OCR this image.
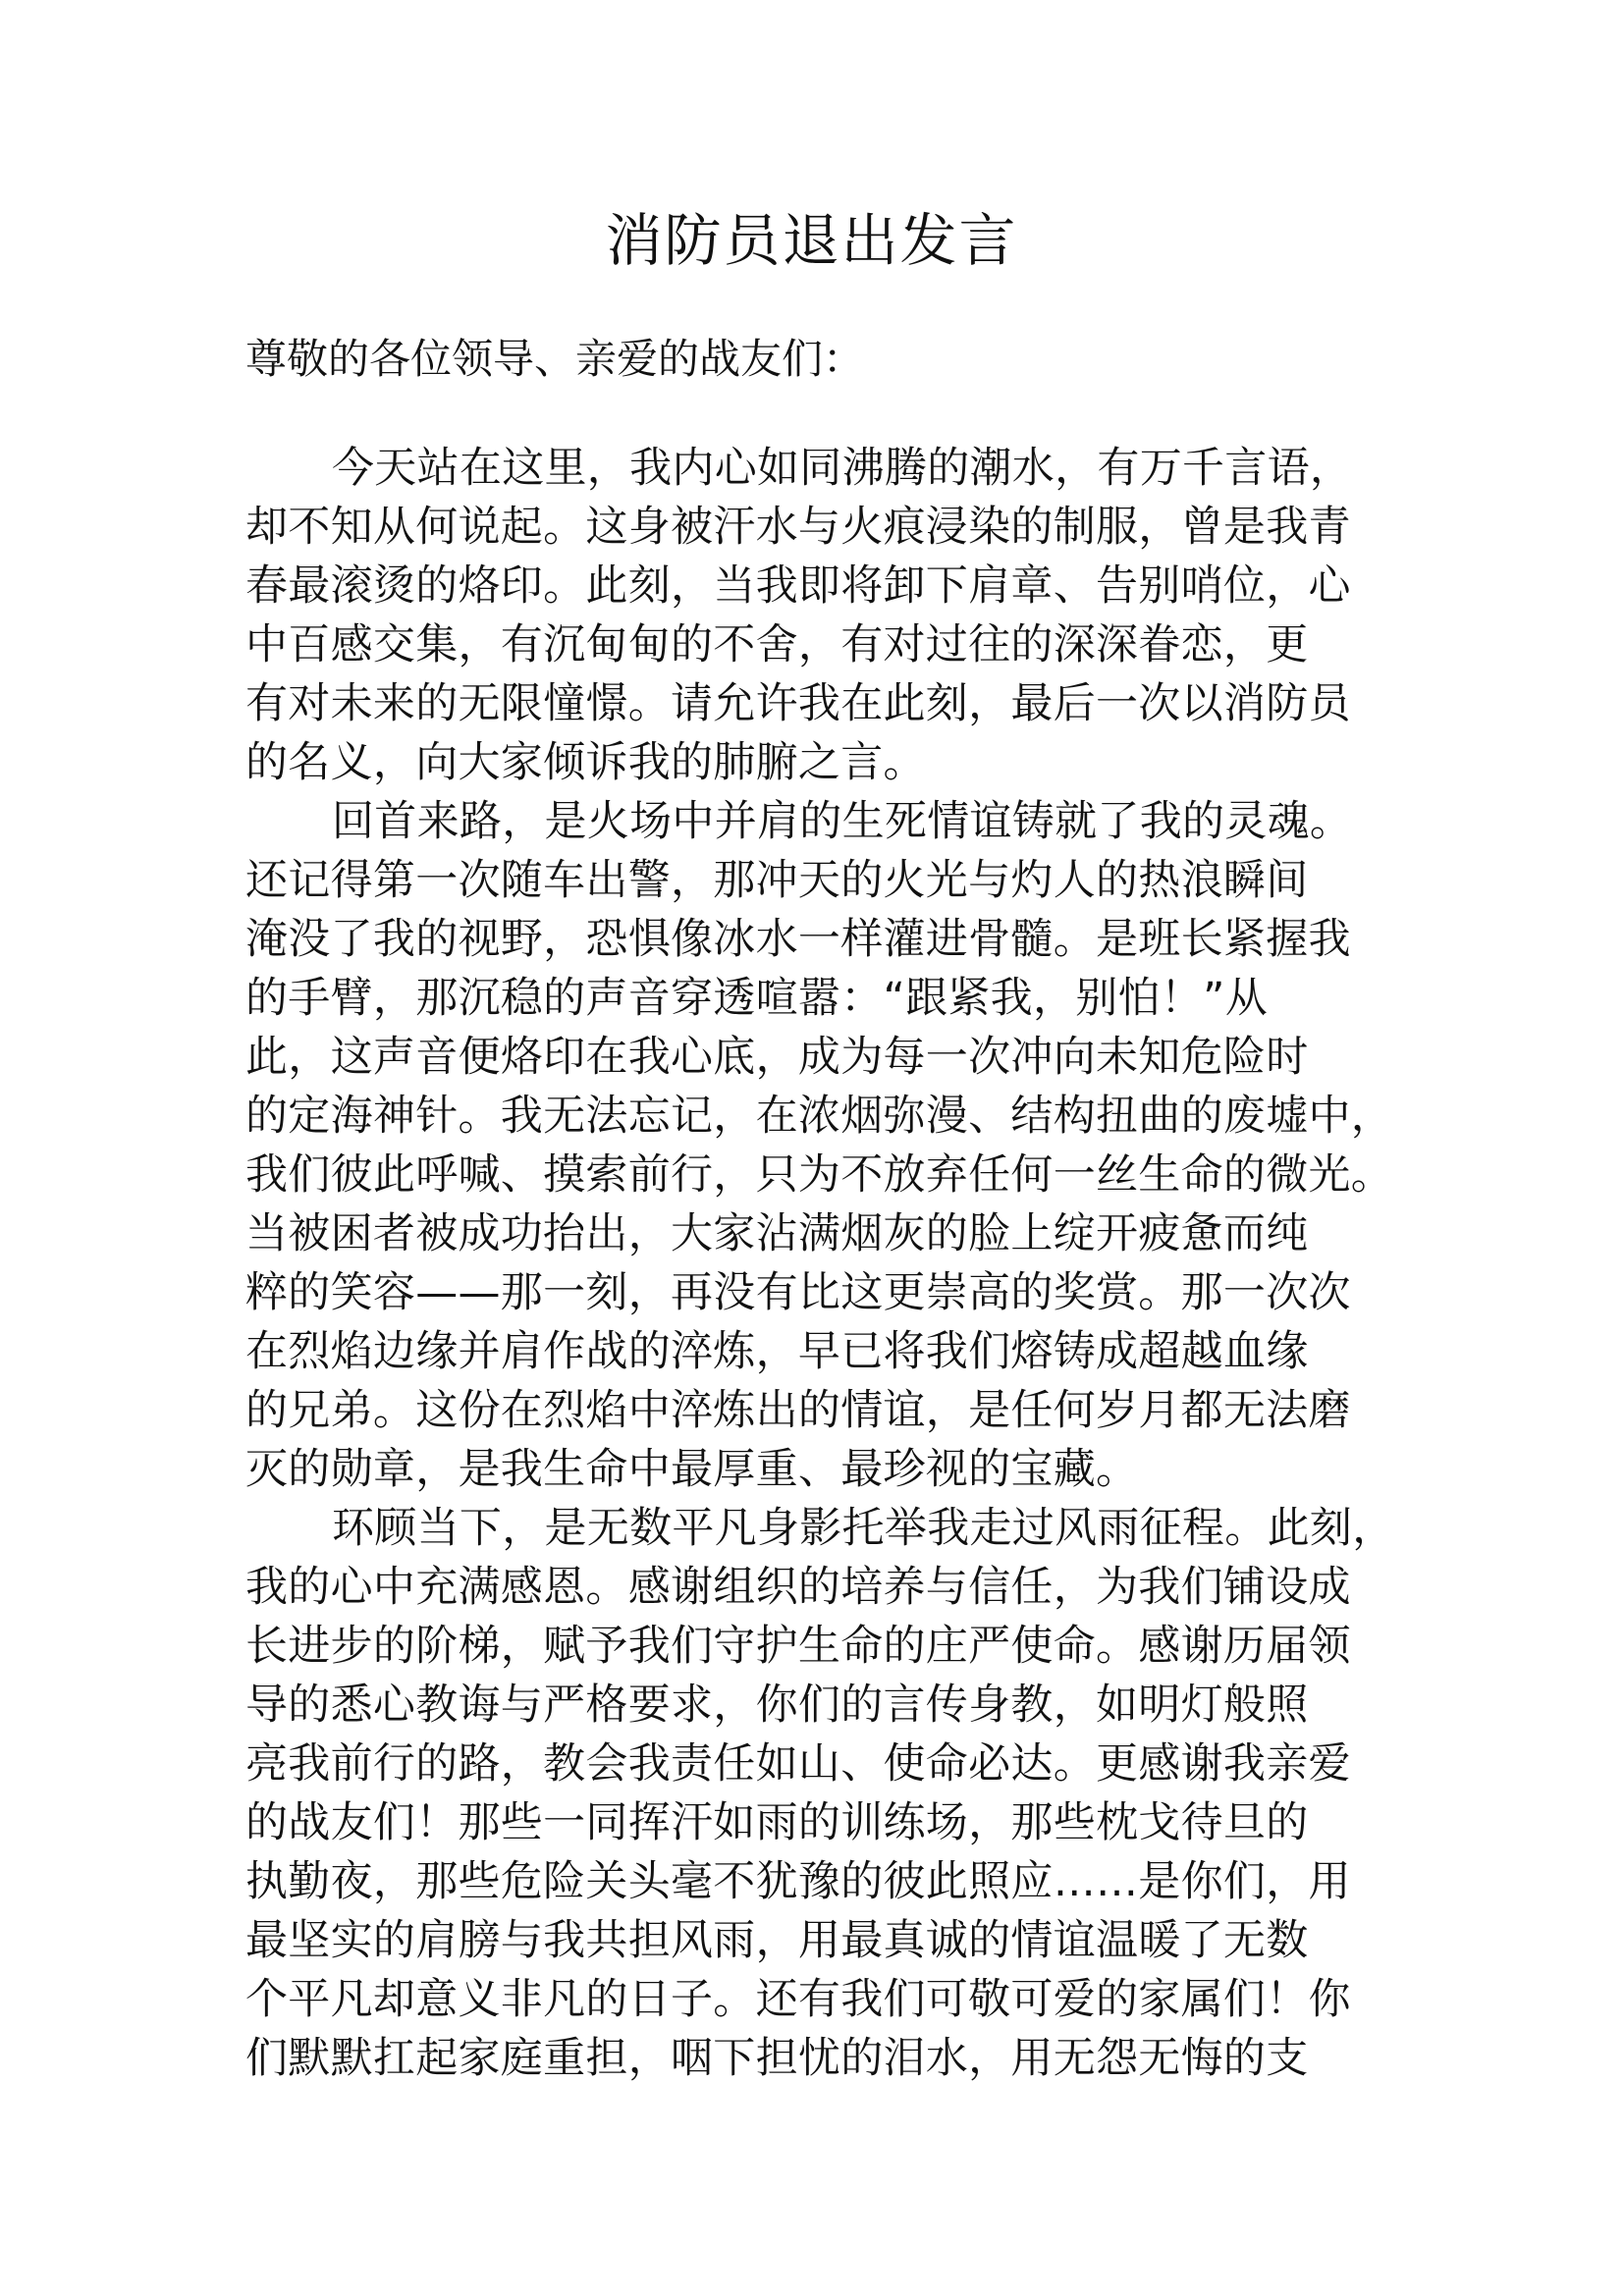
消防员退出发言

尊敬的各位领导、亲爱的战友们：

今天站在这里，我内心如同沸腾的潮水，有万千言语，
却不知从何说起。这身被汗水与火痕浸染的制服，曾是我青
春最滚烫的烙印。此刻，当我即将卸下肩章、告别哨位，心
中百感交集，有沉甸甸的不舍，有对过往的深深眷恋，更
有对未来的无限憧憬。请允许我在此刻，最后一次以消防员
的名义，向大家倾诉我的肺腑之言。
回首来路，是火场中并肩的生死情谊铸就了我的灵魂。
还记得第一次随车出警，那冲天的火光与灼人的热浪瞬间
淹没了我的视野，恐惧像冰水一样灌进骨髓。是班长紧握我
的手臂，那沉稳的声音穿透喧嚣：“跟紧我，别怕！”从
此，这声音便烙印在我心底，成为每一次冲向未知危险时
的定海神针。我无法忘记，在浓烟弥漫、结构扭曲的废墟中，
我们彼此呼喊、摸索前行，只为不放弃任何一丝生命的微光。
当被困者被成功抬出，大家沾满烟灰的脸上绽开疲惫而纯
粹的笑容——那一刻，再没有比这更崇高的奖赏。那一次次
在烈焰边缘并肩作战的淬炼，早已将我们熔铸成超越血缘
的兄弟。这份在烈焰中淬炼出的情谊，是任何岁月都无法磨
灭的勋章，是我生命中最厚重、最珍视的宝藏。
环顾当下，是无数平凡身影托举我走过风雨征程。此刻，
我的心中充满感恩。感谢组织的培养与信任，为我们铺设成
长进步的阶梯，赋予我们守护生命的庄严使命。感谢历届领
导的悉心教诲与严格要求，你们的言传身教，如明灯般照
亮我前行的路，教会我责任如山、使命必达。更感谢我亲爱
的战友们！那些一同挥汗如雨的训练场，那些枕戈待旦的
执勤夜，那些危险关头毫不犹豫的彼此照应……是你们，用
最坚实的肩膀与我共担风雨，用最真诚的情谊温暖了无数
个平凡却意义非凡的日子。还有我们可敬可爱的家属们！你
们默默扛起家庭重担，咽下担忧的泪水，用无怨无悔的支
